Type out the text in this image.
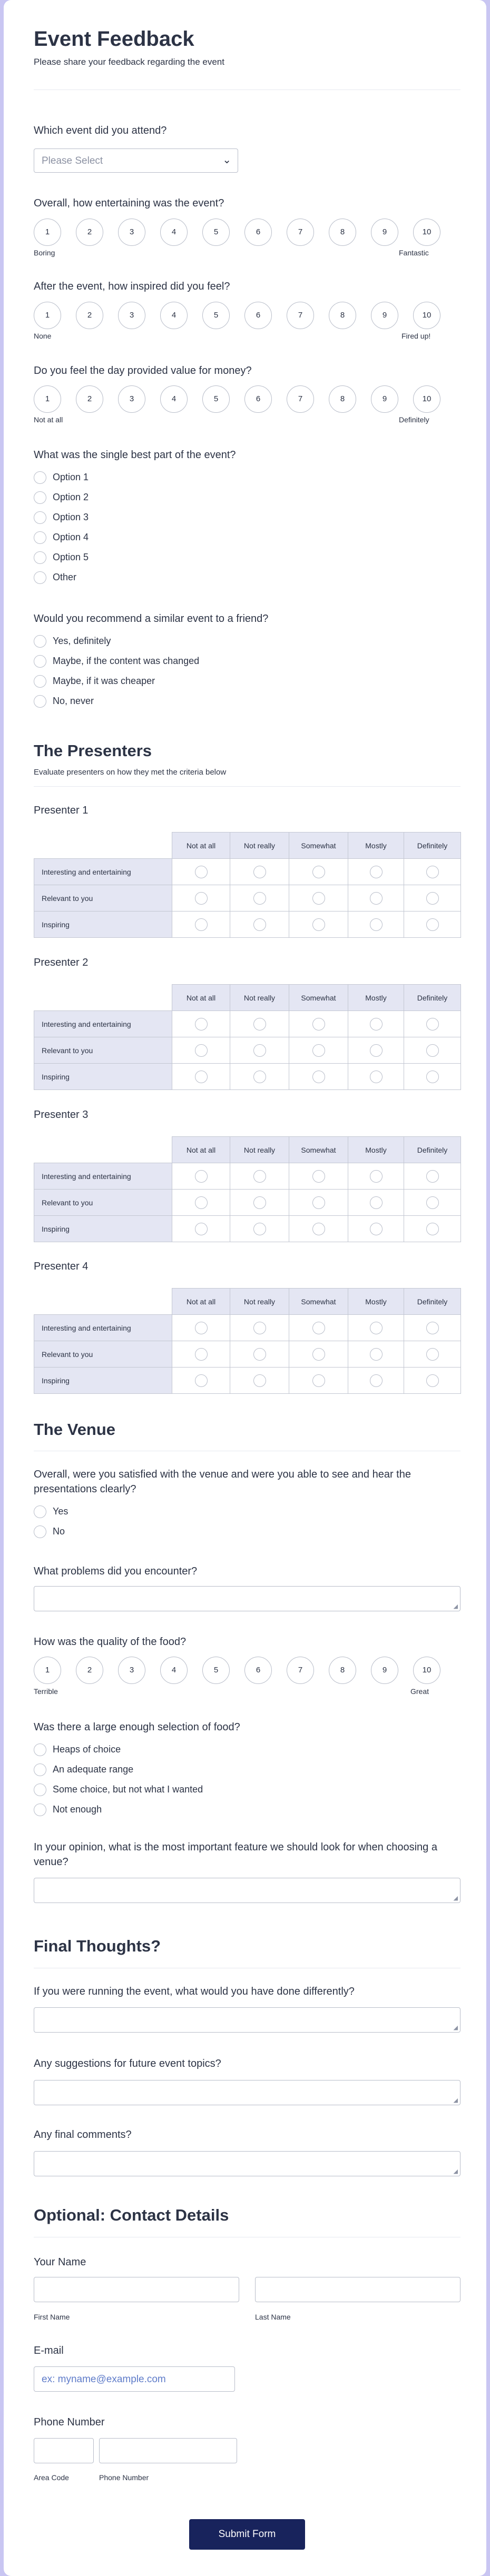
Event Feedback
Please share your feedback regarding the event
Which event did you attend?
Please Select	⌄
Overall, how entertaining was the event?
1	2	3	4	5	6	7	8	9	10
Boring	Fantastic
After the event, how inspired did you feel?
1	2	3	4	5	6	7	8	9	10
None	Fired up!
Do you feel the day provided value for money?
1	2	3	4	5	6	7	8	9	10
Not at all	Definitely
What was the single best part of the event?
Option 1
Option 2
Option 3
Option 4
Option 5
Other
Would you recommend a similar event to a friend?
Yes, definitely
Maybe, if the content was changed
Maybe, if it was cheaper
No, never
The Presenters
Evaluate presenters on how they met the criteria below
Presenter 1
	Not at all	Not really	Somewhat	Mostly	Definitely
Interesting and entertaining					
Relevant to you					
Inspiring					
Presenter 2
	Not at all	Not really	Somewhat	Mostly	Definitely
Interesting and entertaining					
Relevant to you					
Inspiring					
Presenter 3
	Not at all	Not really	Somewhat	Mostly	Definitely
Interesting and entertaining					
Relevant to you					
Inspiring					
Presenter 4
	Not at all	Not really	Somewhat	Mostly	Definitely
Interesting and entertaining					
Relevant to you					
Inspiring					
The Venue
Overall, were you satisfied with the venue and were you able to see and hear the presentations clearly?
Yes
No
What problems did you encounter?
◢
How was the quality of the food?
1	2	3	4	5	6	7	8	9	10
Terrible	Great
Was there a large enough selection of food?
Heaps of choice
An adequate range
Some choice, but not what I wanted
Not enough
In your opinion, what is the most important feature we should look for when choosing a venue?
◢
Final Thoughts?
If you were running the event, what would you have done differently?
◢
Any suggestions for future event topics?
◢
Any final comments?
◢
Optional: Contact Details
Your Name
First Name	Last Name
E-mail
ex: myname@example.com
Phone Number
Area Code	Phone Number
Submit Form
